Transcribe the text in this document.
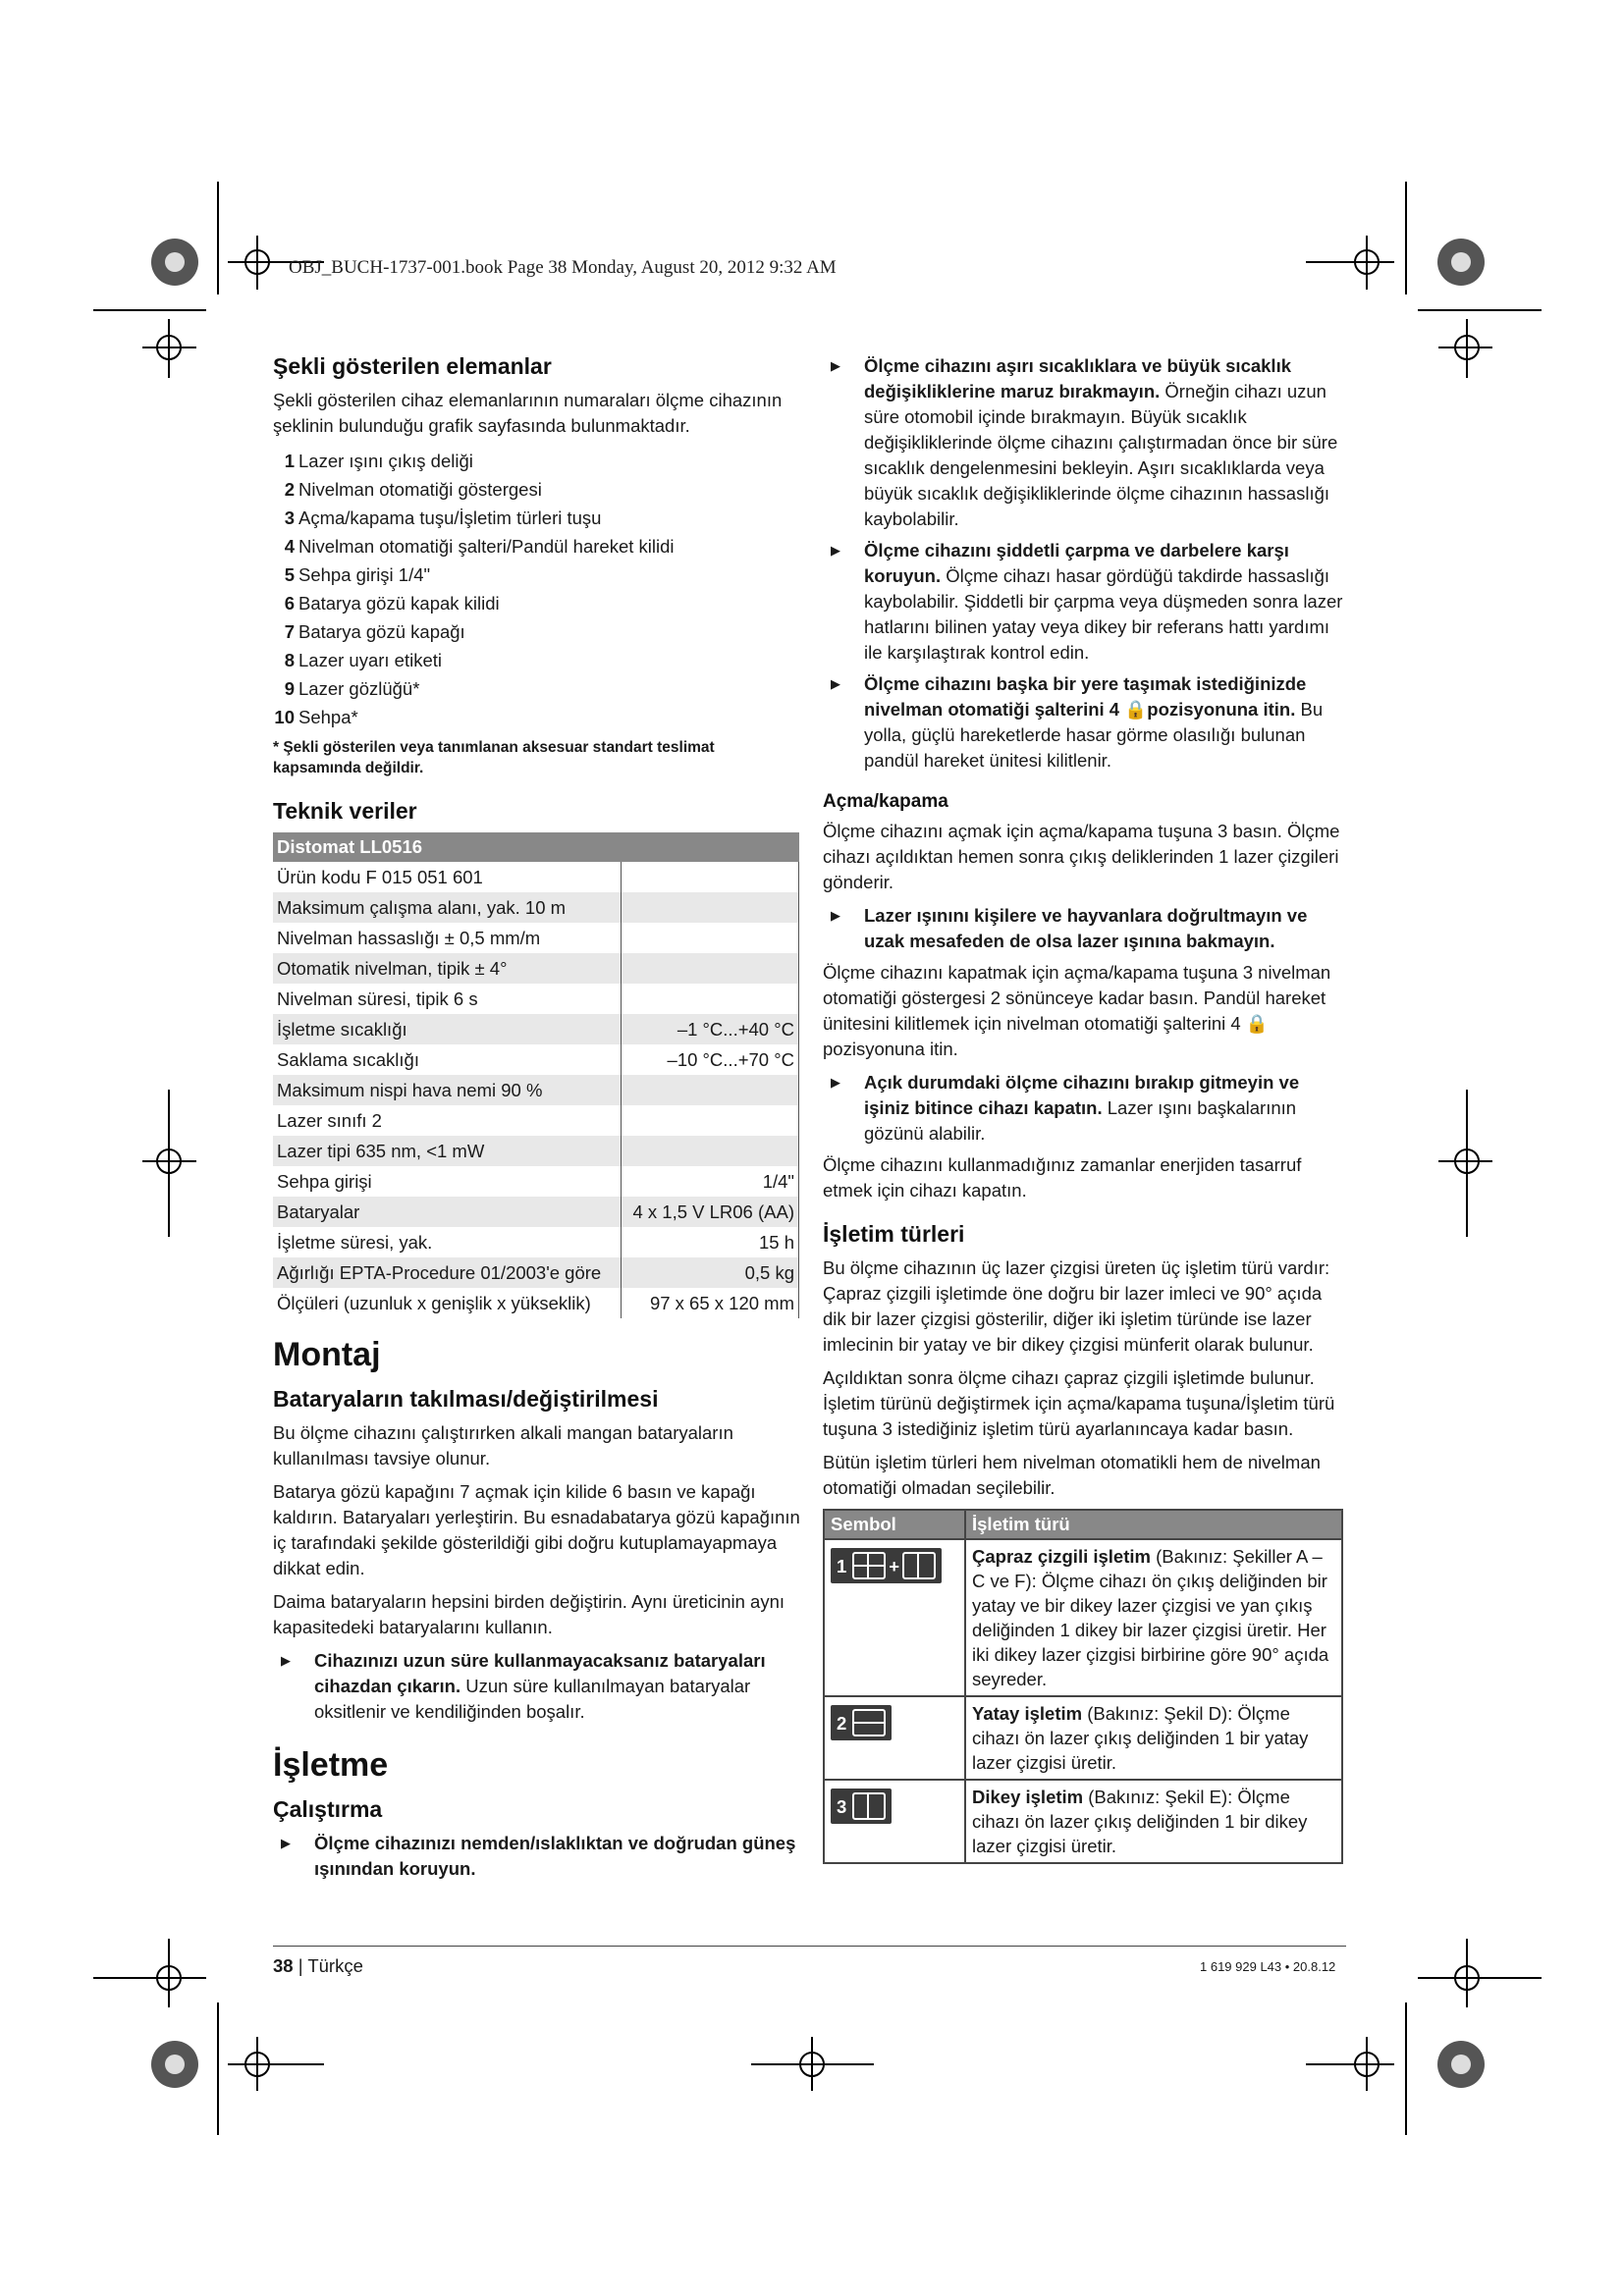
OBJ_BUCH-1737-001.book Page 38 Monday, August 20, 2012 9:32 AM
Şekli gösterilen elemanlar

Şekli gösterilen cihaz elemanlarının numaraları ölçme cihazının şeklinin bulunduğu grafik sayfasında bulunmaktadır.

1 Lazer ışını çıkış deliği
2 Nivelman otomatiği göstergesi
3 Açma/kapama tuşu/İşletim türleri tuşu
4 Nivelman otomatiği şalteri/Pandül hareket kilidi
5 Sehpa girişi 1/4"
6 Batarya gözü kapak kilidi
7 Batarya gözü kapağı
8 Lazer uyarı etiketi
9 Lazer gözlüğü*
10 Sehpa*
* Şekli gösterilen veya tanımlanan aksesuar standart teslimat kapsamında değildir.
Teknik veriler
Distomat LL0516	
Ürün kodu F 015 051 601	
Maksimum çalışma alanı, yak. 10 m	
Nivelman hassaslığı ± 0,5 mm/m	
Otomatik nivelman, tipik ± 4°	
Nivelman süresi, tipik 6 s	
İşletme sıcaklığı	–1 °C...+40 °C
Saklama sıcaklığı	–10 °C...+70 °C
Maksimum nispi hava nemi 90 %	
Lazer sınıfı 2	
Lazer tipi 635 nm, <1 mW	
Sehpa girişi	1/4"
Bataryalar	4 x 1,5 V LR06 (AA)
İşletme süresi, yak.	15 h
Ağırlığı EPTA-Procedure 01/2003'e göre	0,5 kg
Ölçüleri (uzunluk x genişlik x yükseklik)	97 x 65 x 120 mm
Montaj
Bataryaların takılması/değiştirilmesi

Bu ölçme cihazını çalıştırırken alkali mangan bataryaların kullanılması tavsiye olunur.

Batarya gözü kapağını 7 açmak için kilide 6 basın ve kapağı kaldırın. Bataryaları yerleştirin. Bu esnadabatarya gözü kapağının iç tarafındaki şekilde gösterildiği gibi doğru kutuplamayapmaya dikkat edin.

Daima bataryaların hepsini birden değiştirin. Aynı üreticinin aynı kapasitedeki bataryalarını kullanın.

▶ Cihazınızı uzun süre kullanmayacaksanız bataryaları cihazdan çıkarın. Uzun süre kullanılmayan bataryalar oksitlenir ve kendiliğinden boşalır.
İşletme
Çalıştırma
▶ Ölçme cihazınızı nemden/ıslaklıktan ve doğrudan güneş ışınından koruyun.
▶ Ölçme cihazını aşırı sıcaklıklara ve büyük sıcaklık değişikliklerine maruz bırakmayın. Örneğin cihazı uzun süre otomobil içinde bırakmayın. Büyük sıcaklık değişikliklerinde ölçme cihazını çalıştırmadan önce bir süre sıcaklık dengelenmesini bekleyin. Aşırı sıcaklıklarda veya büyük sıcaklık değişikliklerinde ölçme cihazının hassaslığı kaybolabilir.
▶ Ölçme cihazını şiddetli çarpma ve darbelere karşı koruyun. Ölçme cihazı hasar gördüğü takdirde hassaslığı kaybolabilir. Şiddetli bir çarpma veya düşmeden sonra lazer hatlarını bilinen yatay veya dikey bir referans hattı yardımı ile karşılaştırak kontrol edin.
▶ Ölçme cihazını başka bir yere taşımak istediğinizde nivelman otomatiği şalterini 4 🔒pozisyonuna itin. Bu yolla, güçlü hareketlerde hasar görme olasılığı bulunan pandül hareket ünitesi kilitlenir.
Açma/kapama

Ölçme cihazını açmak için açma/kapama tuşuna 3 basın. Ölçme cihazı açıldıktan hemen sonra çıkış deliklerinden 1 lazer çizgileri gönderir.

▶ Lazer ışınını kişilere ve hayvanlara doğrultmayın ve uzak mesafeden de olsa lazer ışınına bakmayın.

Ölçme cihazını kapatmak için açma/kapama tuşuna 3 nivelman otomatiği göstergesi 2 sönünceye kadar basın. Pandül hareket ünitesini kilitlemek için nivelman otomatiği şalterini 4 🔒 pozisyonuna itin.

▶ Açık durumdaki ölçme cihazını bırakıp gitmeyin ve işiniz bitince cihazı kapatın. Lazer ışını başkalarının gözünü alabilir.

Ölçme cihazını kullanmadığınız zamanlar enerjiden tasarruf etmek için cihazı kapatın.

İşletim türleri

Bu ölçme cihazının üç lazer çizgisi üreten üç işletim türü vardır: Çapraz çizgili işletimde öne doğru bir lazer imleci ve 90° açıda dik bir lazer çizgisi gösterilir, diğer iki işletim türünde ise lazer imlecinin bir yatay ve bir dikey çizgisi münferit olarak bulunur.

Açıldıktan sonra ölçme cihazı çapraz çizgili işletimde bulunur. İşletim türünü değiştirmek için açma/kapama tuşuna/İşletim türü tuşuna 3 istediğiniz işletim türü ayarlanıncaya kadar basın.

Bütün işletim türleri hem nivelman otomatikli hem de nivelman otomatiği olmadan seçilebilir.

Sembol	İşletim türü

1 +	Çapraz çizgili işletim (Bakınız: Şekiller A – C ve F): Ölçme cihazı ön çıkış deliğinden bir yatay ve bir dikey lazer çizgisi ve yan çıkış deliğinden 1 dikey bir lazer çizgisi üretir. Her iki dikey lazer çizgisi birbirine göre 90° açıda seyreder.

2	Yatay işletim (Bakınız: Şekil D): Ölçme cihazı ön lazer çıkış deliğinden 1 bir yatay lazer çizgisi üretir.

3	Dikey işletim (Bakınız: Şekil E): Ölçme cihazı ön lazer çıkış deliğinden 1 bir dikey lazer çizgisi üretir.
38 | Türkçe	1 619 929 L43 • 20.8.12
